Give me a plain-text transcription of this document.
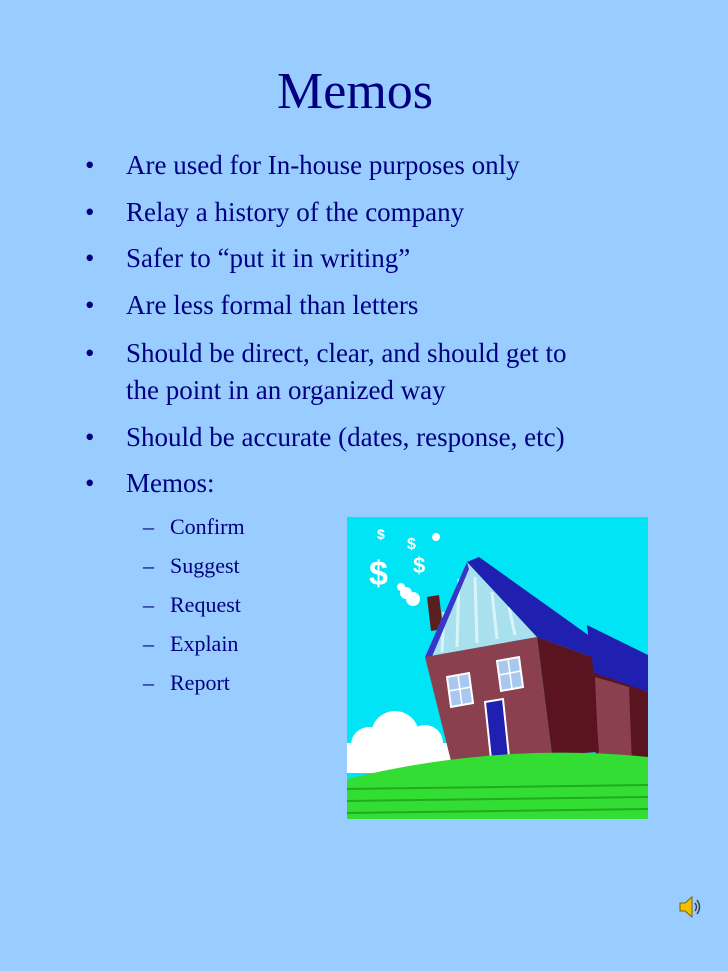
Memos
• Are used for In-house purposes only
• Relay a history of the company
• Safer to “put it in writing”
• Are less formal than letters
• Should be direct, clear, and should get to
the point in an organized way
• Should be accurate (dates, response, etc)
• Memos:
– Confirm
– Suggest
– Request
– Explain
– Report
$
$
$ $
